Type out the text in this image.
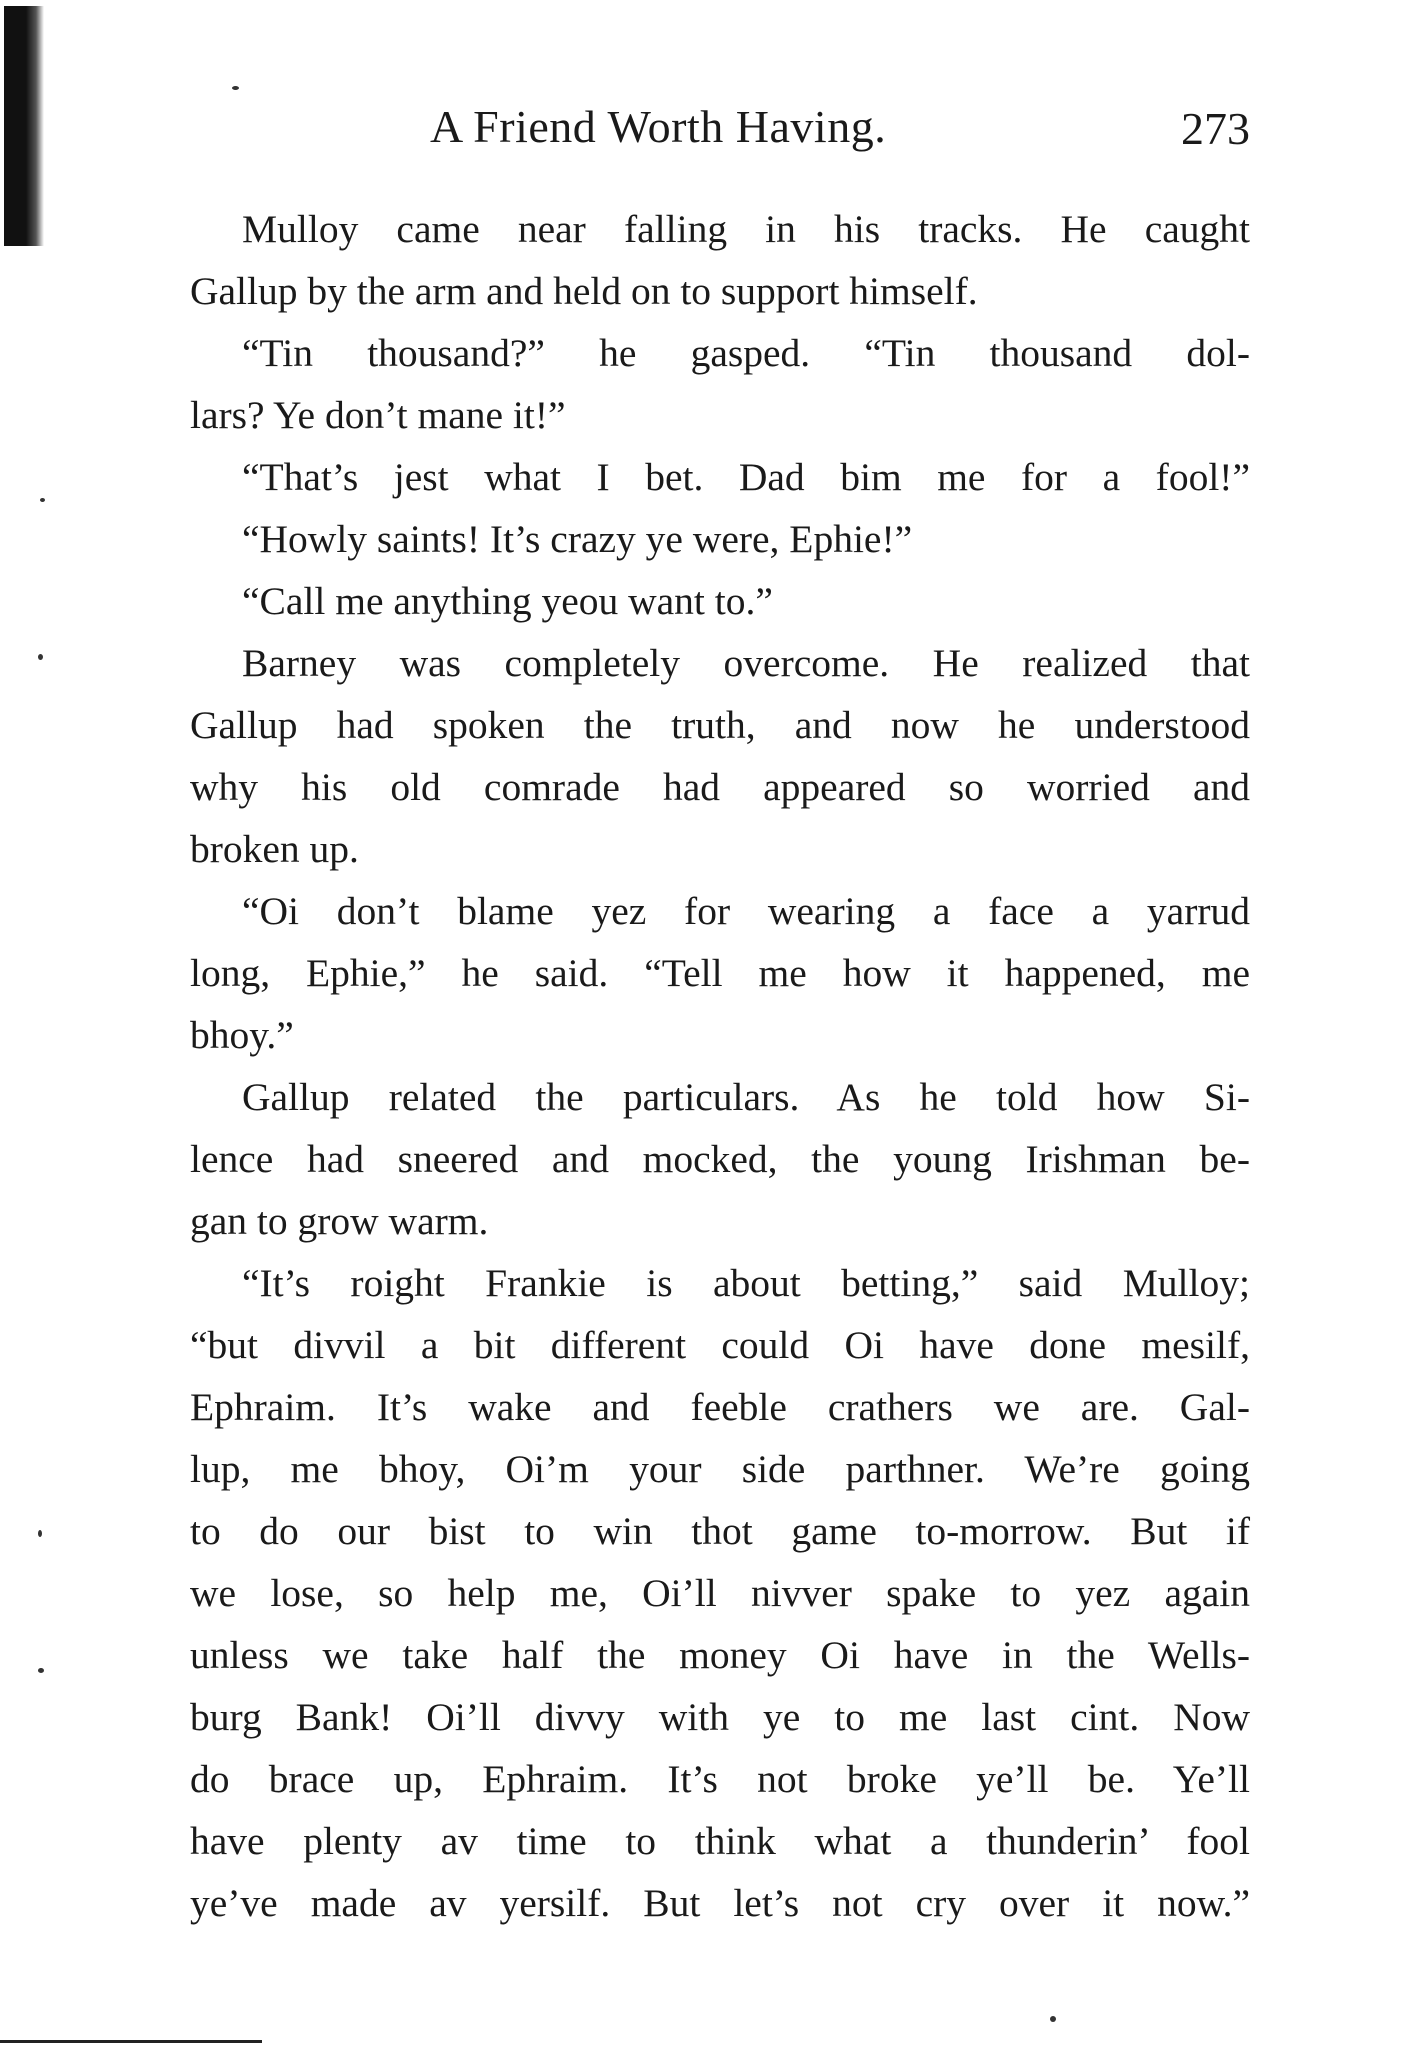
A Friend Worth Having.	273
Mulloy came near falling in his tracks. He caught
Gallup by the arm and held on to support himself.
“Tin thousand?” he gasped. “Tin thousand dol-
lars? Ye don’t mane it!”
“That’s jest what I bet. Dad bim me for a fool!”
“Howly saints! It’s crazy ye were, Ephie!”
“Call me anything yeou want to.”
Barney was completely overcome. He realized that
Gallup had spoken the truth, and now he understood
why his old comrade had appeared so worried and
broken up.
“Oi don’t blame yez for wearing a face a yarrud
long, Ephie,” he said. “Tell me how it happened, me
bhoy.”
Gallup related the particulars. As he told how Si-
lence had sneered and mocked, the young Irishman be-
gan to grow warm.
“It’s roight Frankie is about betting,” said Mulloy;
“but divvil a bit different could Oi have done mesilf,
Ephraim. It’s wake and feeble crathers we are. Gal-
lup, me bhoy, Oi’m your side parthner. We’re going
to do our bist to win thot game to-morrow. But if
we lose, so help me, Oi’ll nivver spake to yez again
unless we take half the money Oi have in the Wells-
burg Bank! Oi’ll divvy with ye to me last cint. Now
do brace up, Ephraim. It’s not broke ye’ll be. Ye’ll
have plenty av time to think what a thunderin’ fool
ye’ve made av yersilf. But let’s not cry over it now.”
